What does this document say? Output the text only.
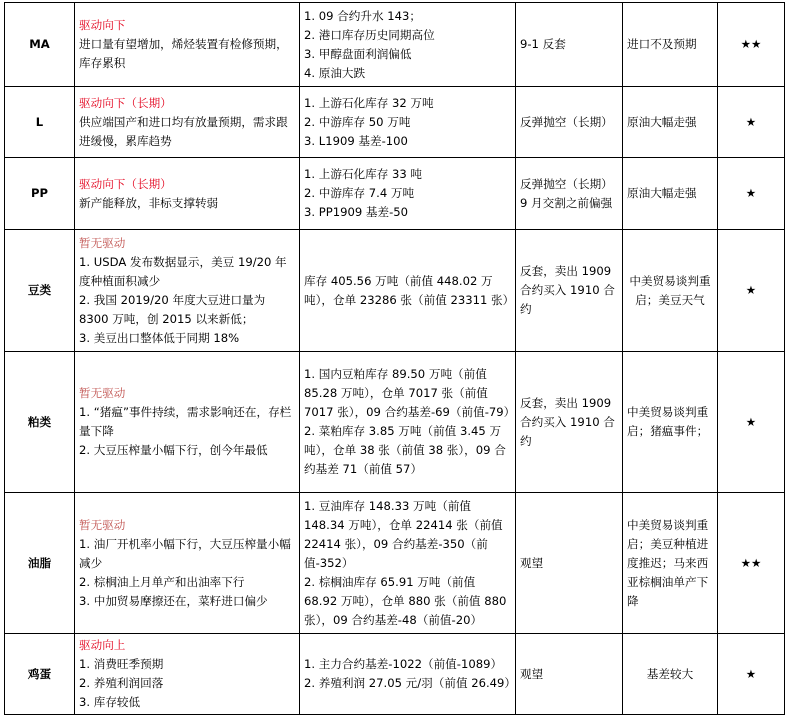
MA	驱动向下
进口量有望增加，烯烃装置有检修预期，库存累积	1. 09 合约升水 143；
2. 港口库存历史同期高位
3. 甲醇盘面利润偏低
4. 原油大跌	9-1 反套	进口不及预期	★★
L	驱动向下（长期）
供应端国产和进口均有放量预期，需求跟进缓慢，累库趋势	1. 上游石化库存 32 万吨
2. 中游库存 50 万吨
3. L1909 基差-100	反弹抛空（长期）	原油大幅走强	★
PP	驱动向下（长期）
新产能释放，非标支撑转弱	1. 上游石化库存 33 吨
2. 中游库存 7.4 万吨
3. PP1909 基差-50	反弹抛空（长期）9 月交割之前偏强	原油大幅走强	★
豆类	暂无驱动
1. USDA 发布数据显示，美豆 19/20 年度种植面积减少
2. 我国 2019/20 年度大豆进口量为 8300 万吨，创 2015 以来新低；
3. 美豆出口整体低于同期 18%	库存 405.56 万吨（前值 448.02 万吨），仓单 23286 张（前值 23311 张）	反套，卖出 1909 合约买入 1910 合约	中美贸易谈判重启；美豆天气	★
粕类	暂无驱动
1. “猪瘟”事件持续，需求影响还在，存栏量下降
2. 大豆压榨量小幅下行，创今年最低	1. 国内豆粕库存 89.50 万吨（前值 85.28 万吨），仓单 7017 张（前值 7017 张），09 合约基差-69（前值-79）
2. 菜粕库存 3.85 万吨（前值 3.45 万吨），仓单 38 张（前值 38 张），09 合约基差 71（前值 57）	反套，卖出 1909 合约买入 1910 合约	中美贸易谈判重启；猪瘟事件；	★
油脂	暂无驱动
1. 油厂开机率小幅下行，大豆压榨量小幅减少
2. 棕榈油上月单产和出油率下行
3. 中加贸易摩擦还在，菜籽进口偏少	1. 豆油库存 148.33 万吨（前值 148.34 万吨），仓单 22414 张（前值 22414 张），09 合约基差-350（前值-352）
2. 棕榈油库存 65.91 万吨（前值 68.92 万吨），仓单 880 张（前值 880 张），09 合约基差-48（前值-20）	观望	中美贸易谈判重启；美豆种植进度推迟；马来西亚棕榈油单产下降	★★
鸡蛋	驱动向上
1. 消费旺季预期
2. 养殖利润回落
3. 库存较低	1. 主力合约基差-1022（前值-1089）
2. 养殖利润 27.05 元/羽（前值 26.49）	观望	基差较大	★
